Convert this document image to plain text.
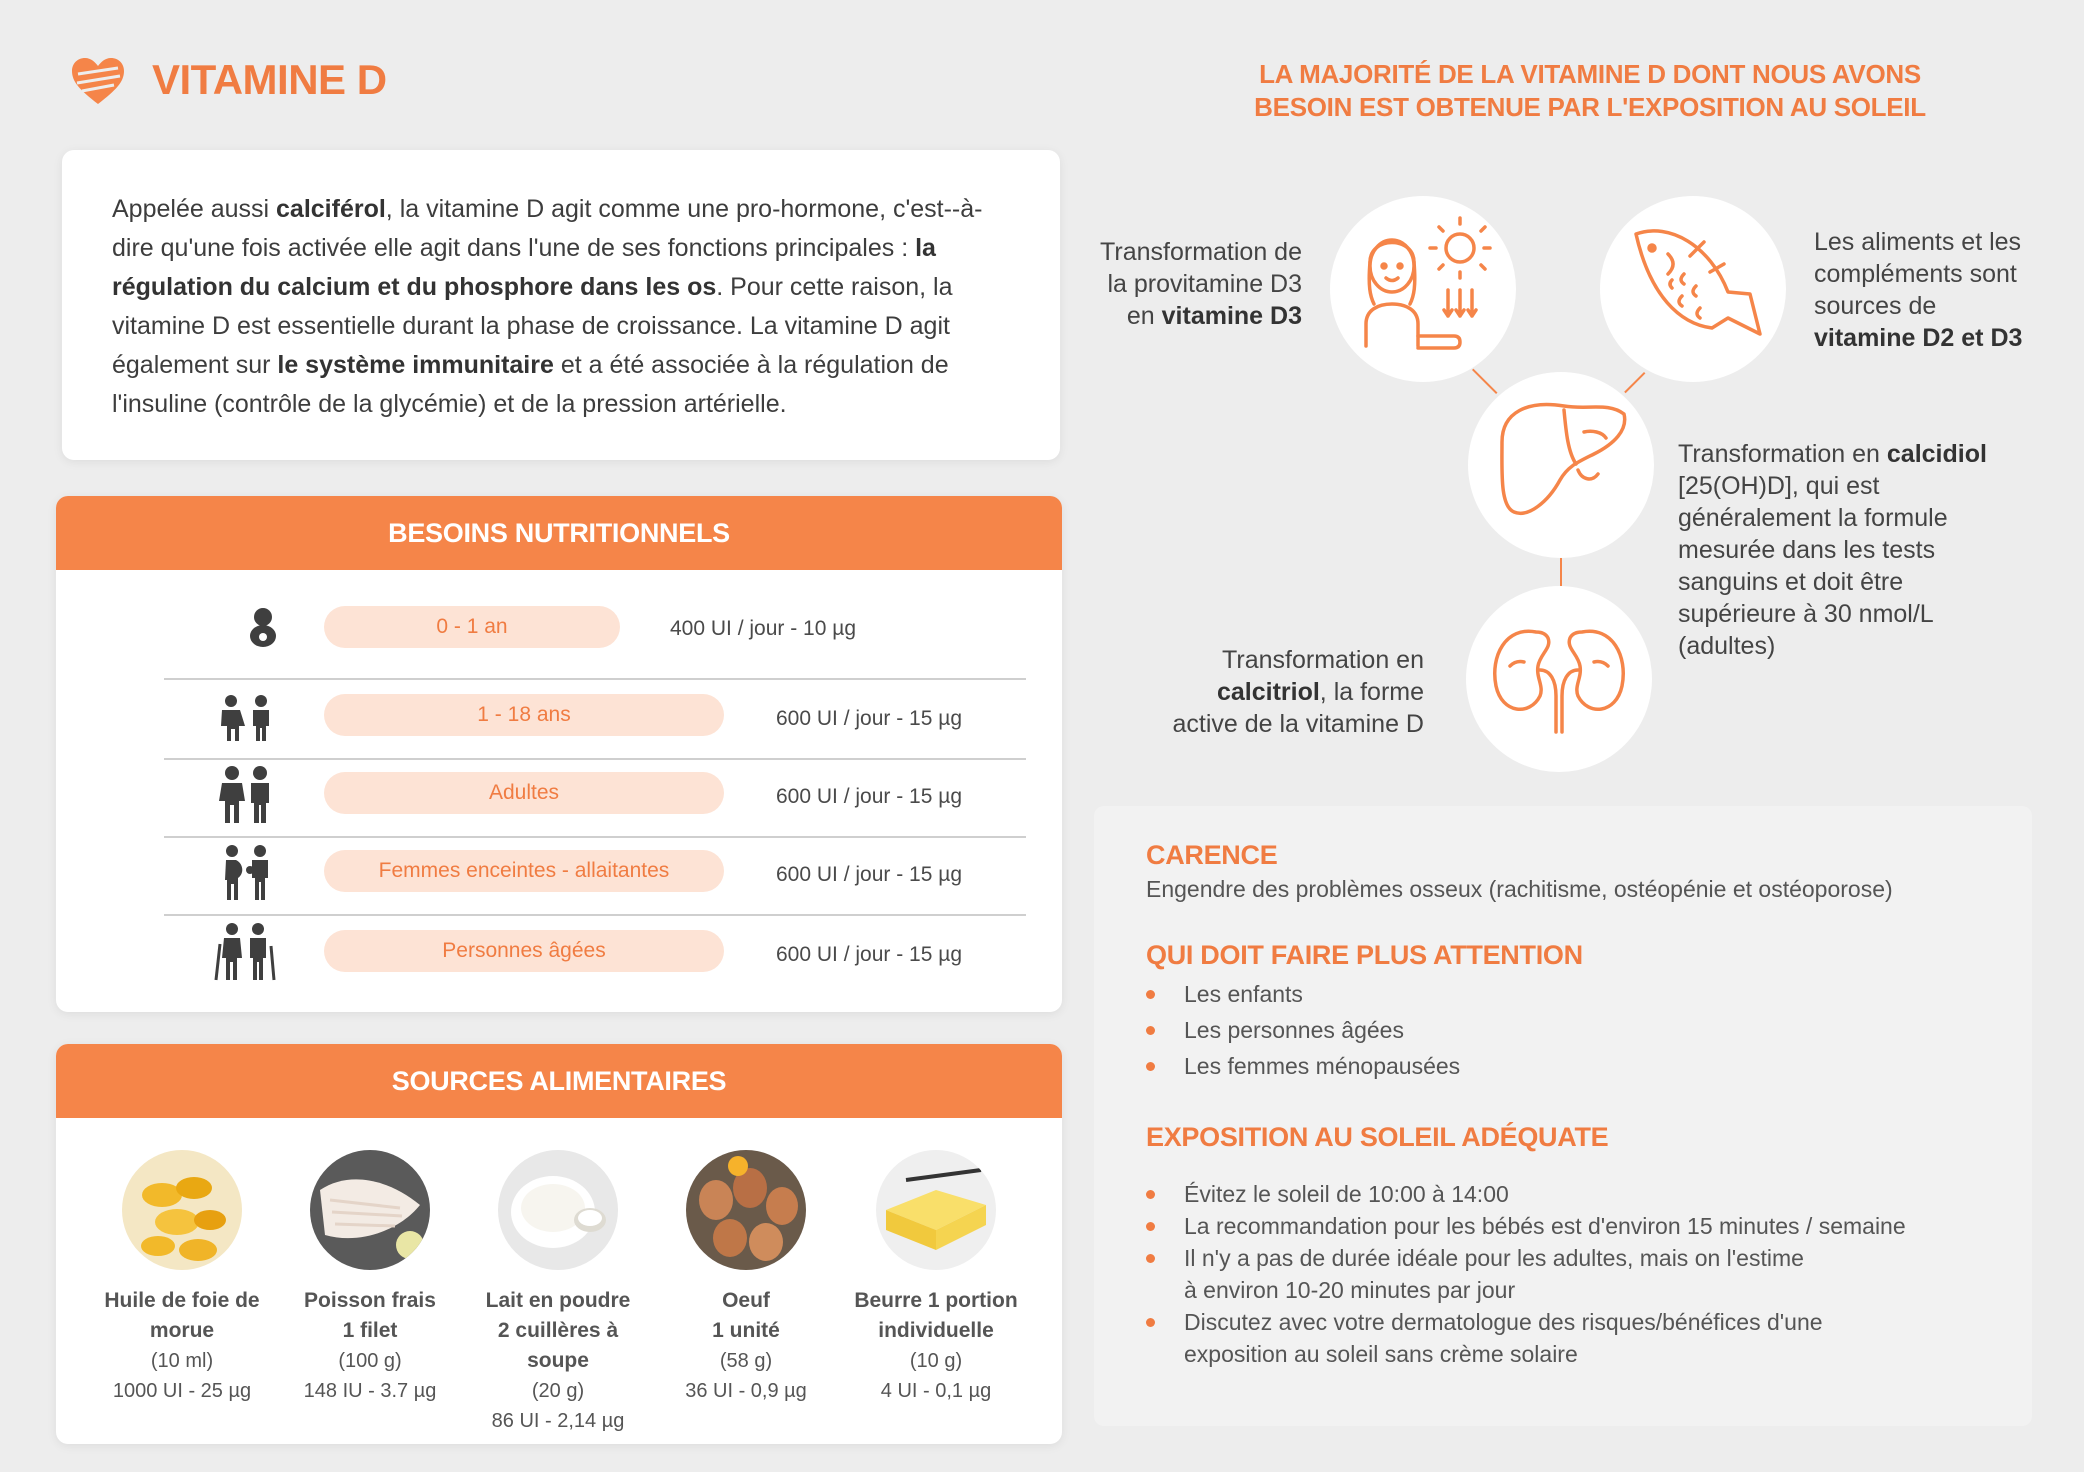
VITAMINE D
Appelée aussi calciférol, la vitamine D agit comme une pro-hormone, c'est--à-dire qu'une fois activée elle agit dans l'une de ses fonctions principales : la régulation du calcium et du phosphore dans les os. Pour cette raison, la vitamine D est essentielle durant la phase de croissance. La vitamine D agit également sur le système immunitaire et a été associée à la régulation de l'insuline (contrôle de la glycémie) et de la pression artérielle.
BESOINS NUTRITIONNELS
0 - 1 an	400 UI / jour - 10 µg
1 - 18 ans	600 UI / jour - 15 µg
Adultes	600 UI / jour - 15 µg
Femmes enceintes - allaitantes	600 UI / jour - 15 µg
Personnes âgées	600 UI / jour - 15 µg
SOURCES ALIMENTAIRES
Huile de foie de
morue
(10 ml)
1000 UI - 25 µg
Poisson frais
1 filet
(100 g)
148 IU - 3.7 µg
Lait en poudre
2 cuillères à soupe
(20 g)
86 UI - 2,14 µg
Oeuf
1 unité
(58 g)
36 UI - 0,9 µg
Beurre 1 portion
individuelle
(10 g)
4 UI - 0,1 µg
LA MAJORITÉ DE LA VITAMINE D DONT NOUS AVONS
BESOIN EST OBTENUE PAR L'EXPOSITION AU SOLEIL
Transformation de
la provitamine D3
en vitamine D3
Les aliments et les
compléments sont
sources de
vitamine D2 et D3
Transformation en calcidiol
[25(OH)D], qui est
généralement la formule
mesurée dans les tests
sanguins et doit être
supérieure à 30 nmol/L
(adultes)
Transformation en
calcitriol, la forme
active de la vitamine D
CARENCE
Engendre des problèmes osseux (rachitisme, ostéopénie et ostéoporose)
QUI DOIT FAIRE PLUS ATTENTION
Les enfants
Les personnes âgées
Les femmes ménopausées
EXPOSITION AU SOLEIL ADÉQUATE
Évitez le soleil de 10:00 à 14:00
La recommandation pour les bébés est d'environ 15 minutes / semaine
Il n'y a pas de durée idéale pour les adultes, mais on l'estime
à environ 10-20 minutes par jour
Discutez avec votre dermatologue des risques/bénéfices d'une
exposition au soleil sans crème solaire
